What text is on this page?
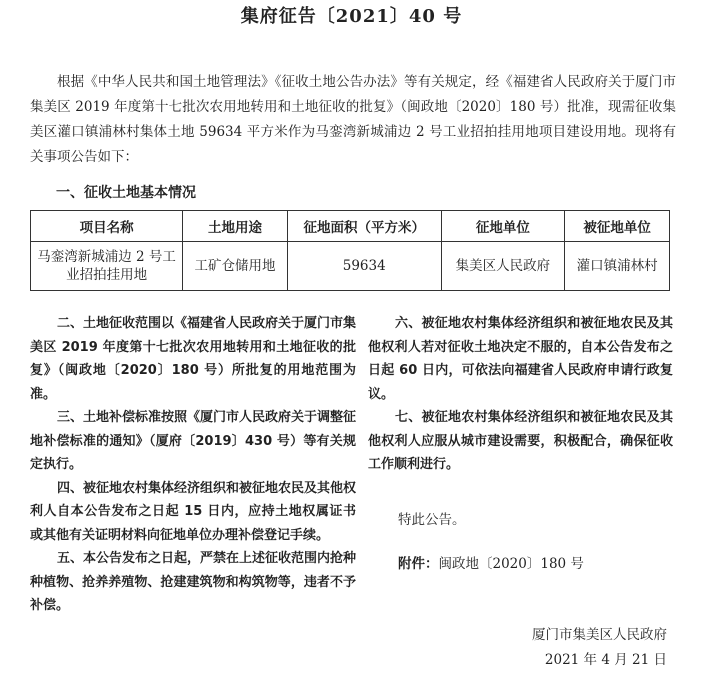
集府征告〔2021〕40 号
根据《中华人民共和国土地管理法》《征收土地公告办法》等有关规定，经《福建省人民政府关于厦门市集美区 2019 年度第十七批次农用地转用和土地征收的批复》（闽政地〔2020〕180 号）批准，现需征收集美区灌口镇浦林村集体土地 59634 平方米作为马銮湾新城浦边 2 号工业招拍挂用地项目建设用地。现将有关事项公告如下：
一、征收土地基本情况
项目名称	土地用途	征地面积（平方米）	征地单位	被征地单位
马銮湾新城浦边 2 号工业招拍挂用地	工矿仓储用地	59634	集美区人民政府	灌口镇浦林村

二、土地征收范围以《福建省人民政府关于厦门市集美区 2019 年度第十七批次农用地转用和土地征收的批复》（闽政地〔2020〕180 号）所批复的用地范围为准。

三、土地补偿标准按照《厦门市人民政府关于调整征地补偿标准的通知》（厦府〔2019〕430 号）等有关规定执行。

四、被征地农村集体经济组织和被征地农民及其他权利人自本公告发布之日起 15 日内，应持土地权属证书或其他有关证明材料向征地单位办理补偿登记手续。

五、本公告发布之日起，严禁在上述征收范围内抢种种植物、抢养养殖物、抢建建筑物和构筑物等，违者不予补偿。

六、被征地农村集体经济组织和被征地农民及其他权利人若对征收土地决定不服的，自本公告发布之日起 60 日内，可依法向福建省人民政府申请行政复议。

七、被征地农村集体经济组织和被征地农民及其他权利人应服从城市建设需要，积极配合，确保征收工作顺利进行。

特此公告。

附件：闽政地〔2020〕180 号
厦门市集美区人民政府
2021 年 4 月 21 日
